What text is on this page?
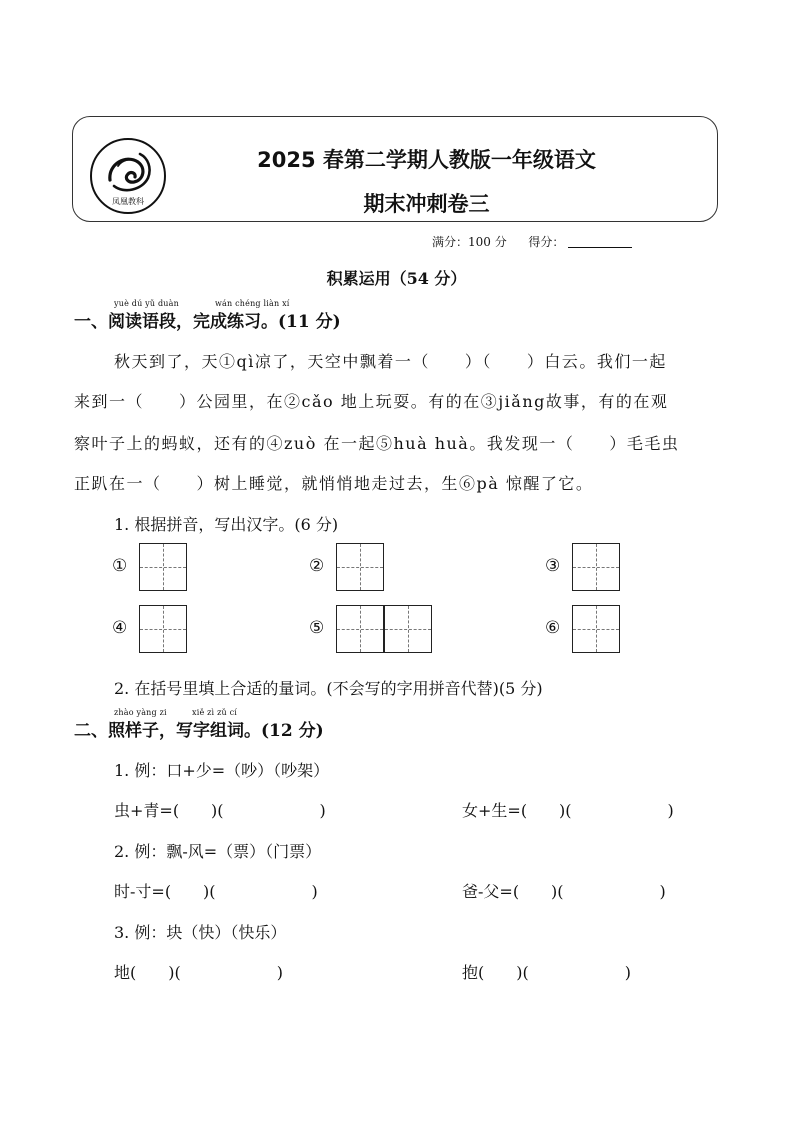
凤凰教科
2025 春第二学期人教版一年级语文
期末冲刺卷三
满分：100 分 得分：
积累运用（54 分）
yuè dú yǔ duàn	wán chéng liàn xí
一、阅读语段，完成练习。(11 分)
秋天到了，天①qì凉了，天空中飘着一（　　）（　　）白云。我们一起
来到一（　　）公园里，在②cǎo 地上玩耍。有的在③jiǎng故事，有的在观
察叶子上的蚂蚁，还有的④zuò 在一起⑤huà huà。我发现一（　　）毛毛虫
正趴在一（　　）树上睡觉，就悄悄地走过去，生⑥pà 惊醒了它。
1. 根据拼音，写出汉字。(6 分)
①	②	③
④	⑤	⑥
2. 在括号里填上合适的量词。(不会写的字用拼音代替)(5 分)
zhào yàng zi	xiě zì zǔ cí
二、照样子，写字组词。(12 分)
1. 例：口+少=（吵）（吵架）
虫+青=(　　)(　　　　　　)	女+生=(　　)(　　　　　　)
2. 例：飘-风=（票）（门票）
时-寸=(　　)(　　　　　　)	爸-父=(　　)(　　　　　　)
3. 例：块（快）（快乐）
地(　　)(　　　　　　)	抱(　　)(　　　　　　)
